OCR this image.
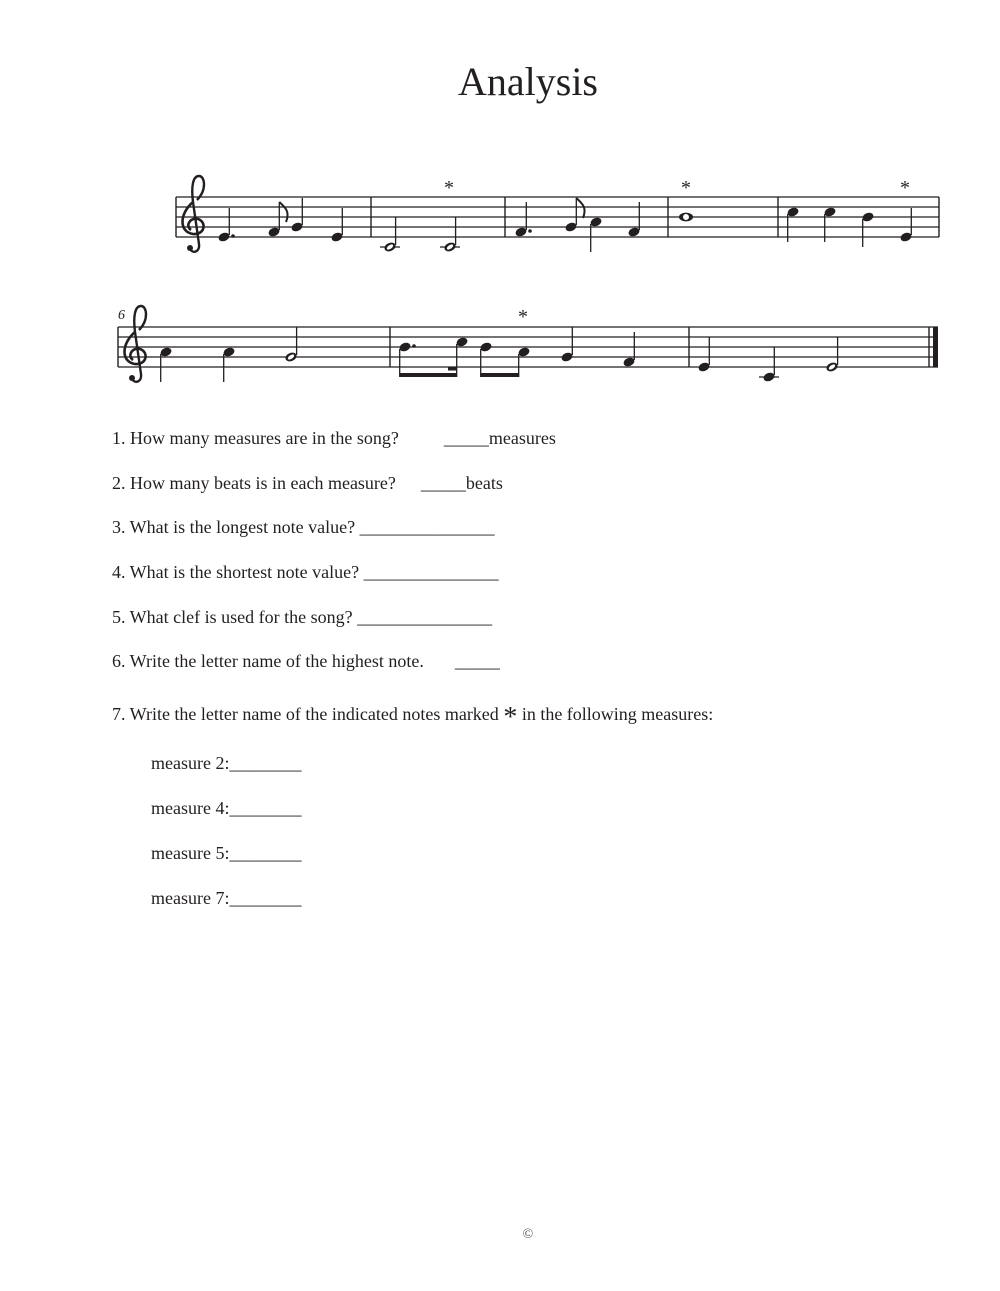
Analysis
*	*	*
6	*
1. How many measures are in the song?	_____measures
2. How many beats is in each measure? _____beats
3. What is the longest note value? _______________
4. What is the shortest note value? _______________
5. What clef is used for the song? _______________
6. Write the letter name of the highest note. _____
7. Write the letter name of the indicated notes marked * in the following measures:
measure 2:________
measure 4:________
measure 5:________
measure 7:________
©
